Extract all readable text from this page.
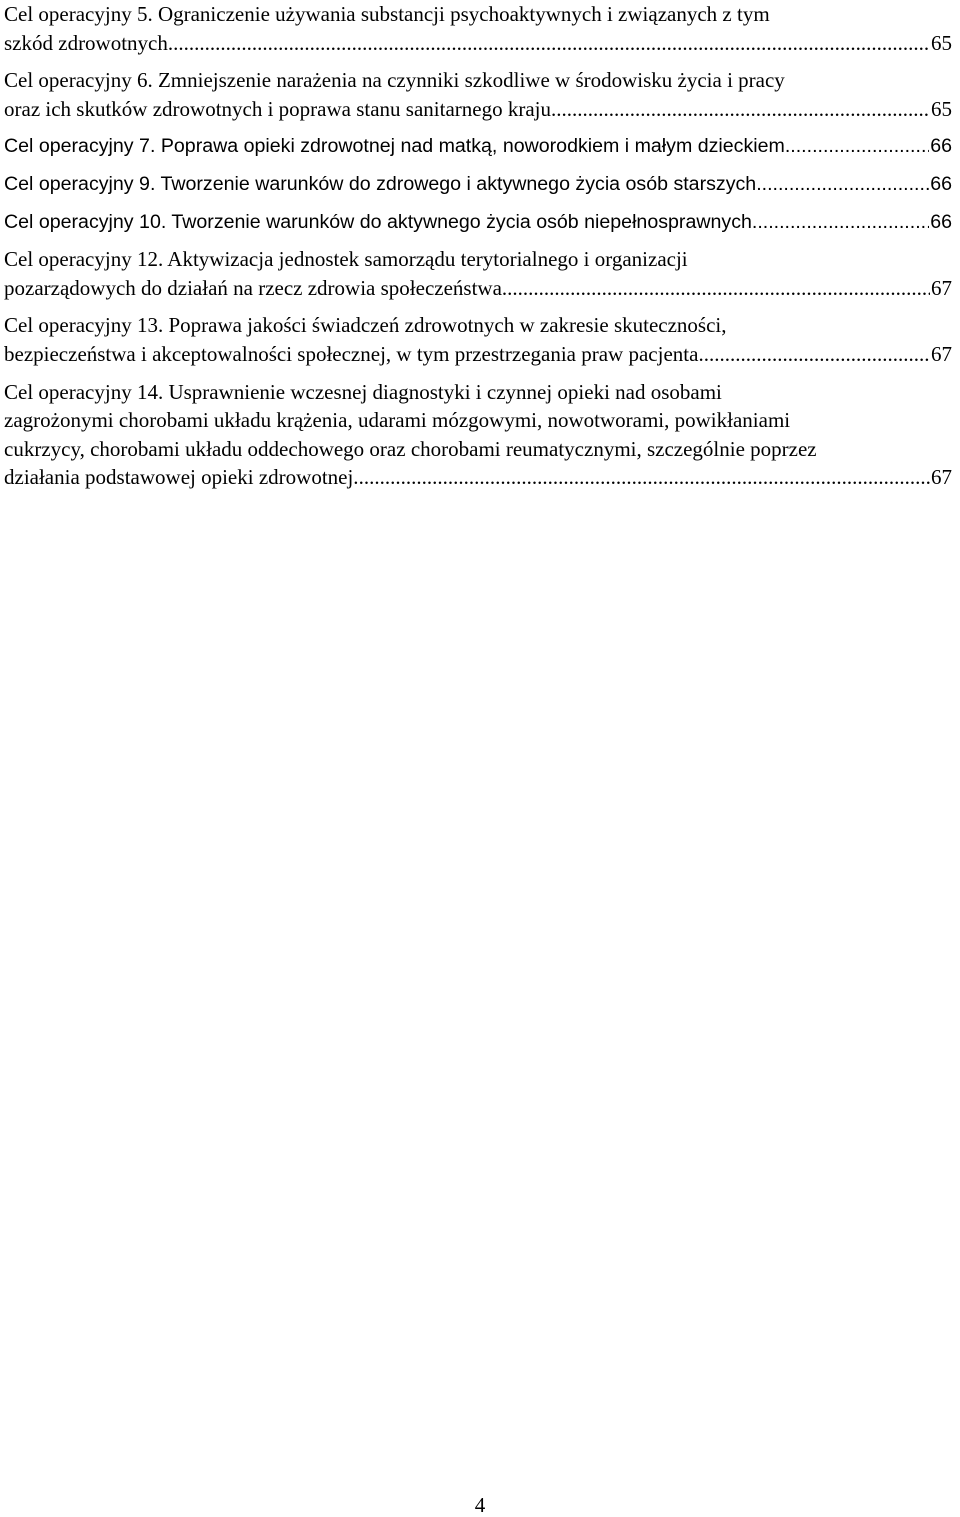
Cel operacyjny 5. Ograniczenie używania substancji psychoaktywnych i związanych z tym
szkód zdrowotnych. .....	65
Cel operacyjny 6. Zmniejszenie narażenia na czynniki szkodliwe w środowisku życia i pracy
oraz ich skutków zdrowotnych i poprawa stanu sanitarnego kraju. .....	65
Cel operacyjny 7. Poprawa opieki zdrowotnej nad matką, noworodkiem i małym dzieckiem .....	66
Cel operacyjny 9. Tworzenie warunków do zdrowego i aktywnego życia osób starszych .....	66
Cel operacyjny 10. Tworzenie warunków do aktywnego życia osób niepełnosprawnych. .....	66
Cel operacyjny 12. Aktywizacja jednostek samorządu terytorialnego i organizacji
pozarządowych do działań na rzecz zdrowia społeczeństwa. .....	67
Cel operacyjny 13. Poprawa jakości świadczeń zdrowotnych w zakresie skuteczności,
bezpieczeństwa i akceptowalności społecznej, w tym przestrzegania praw pacjenta .....	67
Cel operacyjny 14. Usprawnienie wczesnej diagnostyki i czynnej opieki nad osobami
zagrożonymi chorobami układu krążenia, udarami mózgowymi, nowotworami, powikłaniami
cukrzycy, chorobami układu oddechowego oraz chorobami reumatycznymi, szczególnie poprzez
działania podstawowej opieki zdrowotnej. .....	67
4
